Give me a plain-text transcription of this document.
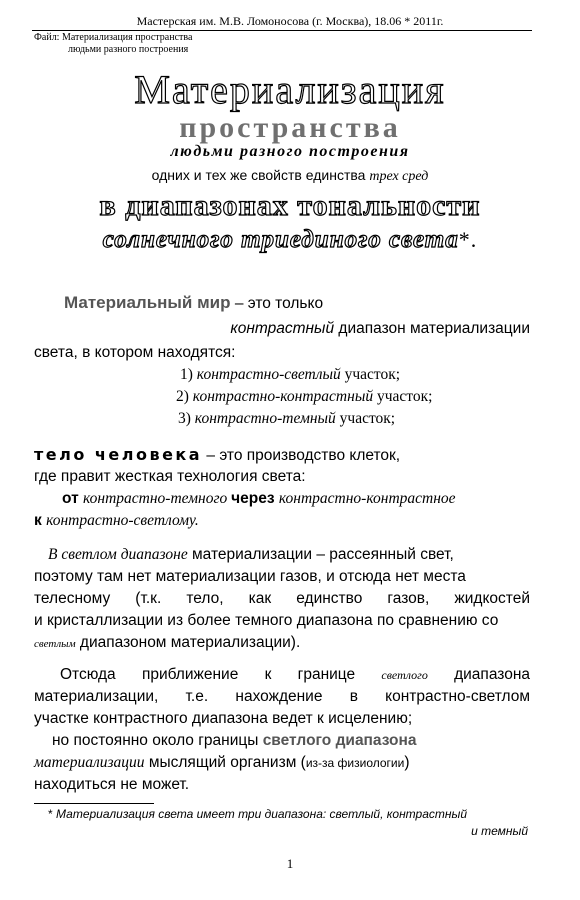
Мастерская им. М.В. Ломоносова (г. Москва), 18.06 * 2011г.
Файл: Материализация пространства
людьми разного построения
Материализация
пространства
людьми разного построения
одних и тех же свойств единства трех сред
в диапазонах тональности
солнечного триединого света*.
Материальный мир – это только
контрастный диапазон материализации
света, в котором находятся:
1) контрастно-светлый участок;
2) контрастно-контрастный участок;
3) контрастно-темный участок;
тело человека – это производство клеток,
где правит жесткая технология света:
от контрастно-темного через контрастно-контрастное
к контрастно-светлому.
В светлом диапазоне материализации – рассеянный свет,
поэтому там нет материализации газов, и отсюда нет места
телесному (т.к. тело, как единство газов, жидкостей
и кристаллизации из более темного диапазона по сравнению со
светлым диапазоном материализации).
Отсюда приближение к границе светлого диапазона
материализации, т.е. нахождение в контрастно-светлом
участке контрастного диапазона ведет к исцелению;
но постоянно около границы светлого диапазона
материализации мыслящий организм (из-за физиологии)
находиться не может.
* Материализация света имеет три диапазона: светлый, контрастный
и темный
1
